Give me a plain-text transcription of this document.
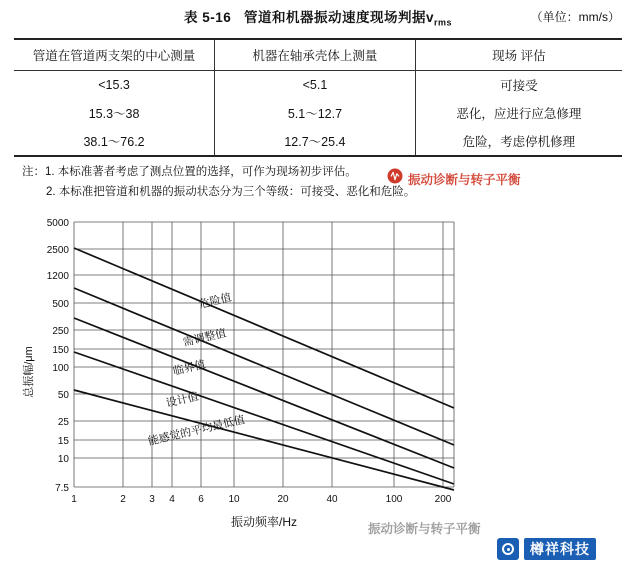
表 5-16 管道和机器振动速度现场判据$v_{rms}$	（单位：mm/s）
管道在管道两支架的中心测量	机器在轴承壳体上测量	现场 评估
<15.3	<5.1	可接受
15.3～38	5.1～12.7	恶化，应进行应急修理
38.1～76.2	12.7～25.4	危险，考虑停机修理
注：1. 本标准著者考虑了测点位置的选择，可作为现场初步评估。
2. 本标准把管道和机器的振动状态分为三个等级：可接受、恶化和危险。
振动诊断与转子平衡
振动诊断与转子平衡
危险值
需调整值
临界值
设计值
能感觉的平均最低值
5000
2500
1200
500
250
150
100
50
25
15
10
7.5
1	2 3 4 6 10	20	40	100	200
振动频率/Hz
总振幅/μm
樽祥科技
